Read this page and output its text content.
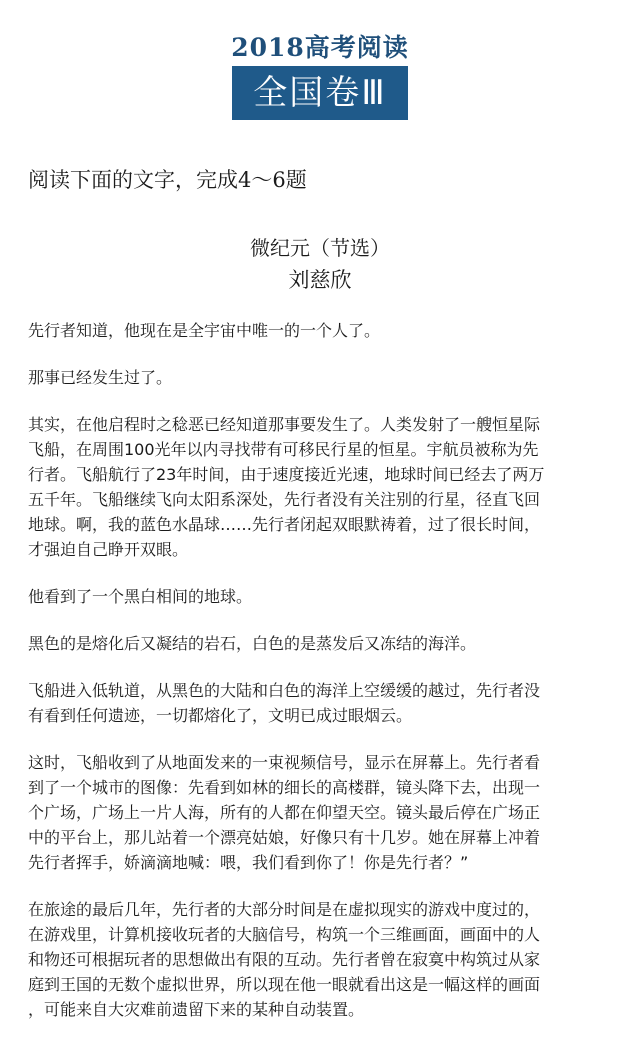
2018高考阅读
全国卷Ⅲ
阅读下面的文字，完成4～6题
微纪元（节选）
刘慈欣

先行者知道，他现在是全宇宙中唯一的一个人了。

那事已经发生过了。

其实，在他启程时之稔恶已经知道那事要发生了。人类发射了一艘恒星际
飞船，在周围100光年以内寻找带有可移民行星的恒星。宇航员被称为先
行者。飞船航行了23年时间，由于速度接近光速，地球时间已经去了两万
五千年。飞船继续飞向太阳系深处，先行者没有关注别的行星，径直飞回
地球。啊，我的蓝色水晶球……先行者闭起双眼默祷着，过了很长时间，
才强迫自己睁开双眼。

他看到了一个黑白相间的地球。

黑色的是熔化后又凝结的岩石，白色的是蒸发后又冻结的海洋。

飞船进入低轨道，从黑色的大陆和白色的海洋上空缓缓的越过，先行者没
有看到任何遗迹，一切都熔化了，文明已成过眼烟云。

这时，飞船收到了从地面发来的一束视频信号，显示在屏幕上。先行者看
到了一个城市的图像：先看到如林的细长的高楼群，镜头降下去，出现一
个广场，广场上一片人海，所有的人都在仰望天空。镜头最后停在广场正
中的平台上，那儿站着一个漂亮姑娘，好像只有十几岁。她在屏幕上冲着
先行者挥手，娇滴滴地喊：喂，我们看到你了！你是先行者？”

在旅途的最后几年，先行者的大部分时间是在虚拟现实的游戏中度过的，
在游戏里，计算机接收玩者的大脑信号，构筑一个三维画面，画面中的人
和物还可根据玩者的思想做出有限的互动。先行者曾在寂寞中构筑过从家
庭到王国的无数个虚拟世界，所以现在他一眼就看出这是一幅这样的画面
，可能来自大灾难前遗留下来的某种自动装置。
